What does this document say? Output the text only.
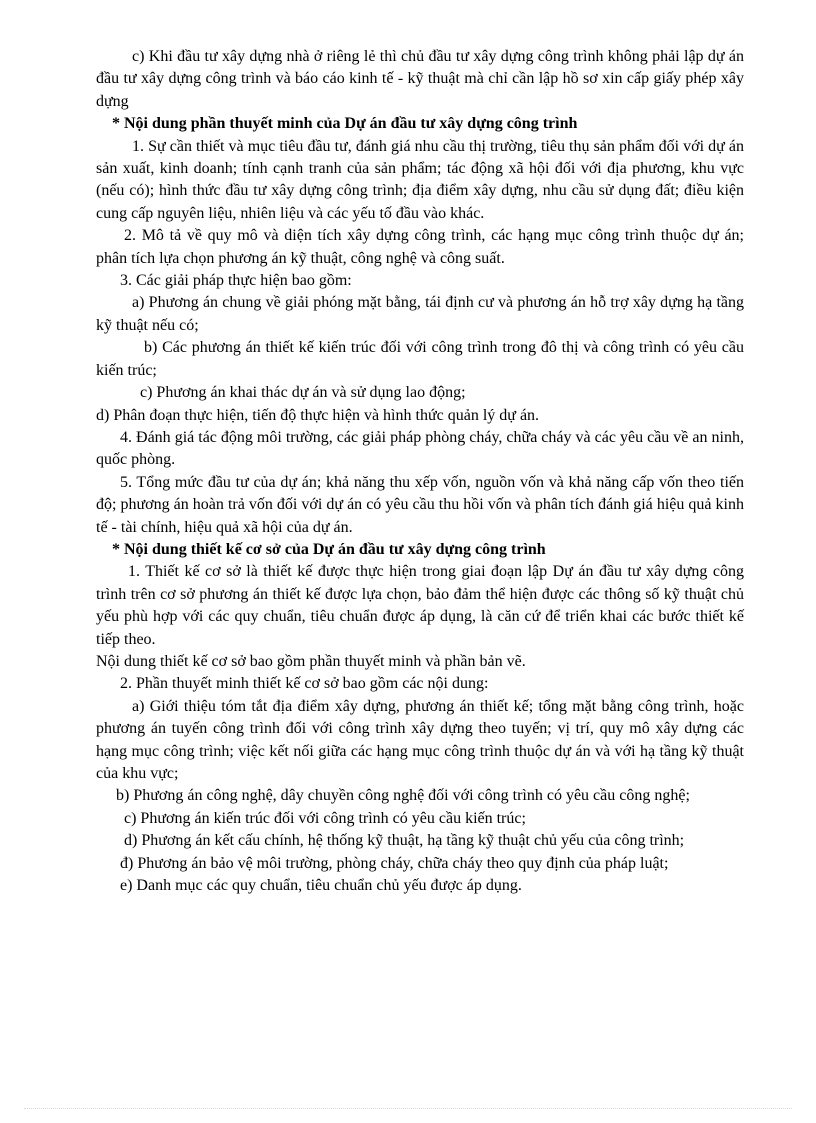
c) Khi đầu tư xây dựng nhà ở riêng lẻ thì chủ đầu tư xây dựng công trình không phải lập dự án đầu tư xây dựng công trình và báo cáo kinh tế - kỹ thuật mà chỉ cần lập hồ sơ xin cấp giấy phép xây dựng

* Nội dung phần thuyết minh của Dự án đầu tư xây dựng công trình

1. Sự cần thiết và mục tiêu đầu tư, đánh giá nhu cầu thị trường, tiêu thụ sản phẩm đối với dự án sản xuất, kinh doanh; tính cạnh tranh của sản phẩm; tác động xã hội đối với địa phương, khu vực (nếu có); hình thức đầu tư xây dựng công trình; địa điểm xây dựng, nhu cầu sử dụng đất; điều kiện cung cấp nguyên liệu, nhiên liệu và các yếu tố đầu vào khác.

2. Mô tả về quy mô và diện tích xây dựng công trình, các hạng mục công trình thuộc dự án; phân tích lựa chọn phương án kỹ thuật, công nghệ và công suất.

3. Các giải pháp thực hiện bao gồm:

a) Phương án chung về giải phóng mặt bằng, tái định cư và phương án hỗ trợ xây dựng hạ tầng kỹ thuật nếu có;

b) Các phương án thiết kế kiến trúc đối với công trình trong đô thị và công trình có yêu cầu kiến trúc;

c) Phương án khai thác dự án và sử dụng lao động;

d) Phân đoạn thực hiện, tiến độ thực hiện và hình thức quản lý dự án.

4. Đánh giá tác động môi trường, các giải pháp phòng cháy, chữa cháy và các yêu cầu về an ninh, quốc phòng.

5. Tổng mức đầu tư của dự án; khả năng thu xếp vốn, nguồn vốn và khả năng cấp vốn theo tiến độ; phương án hoàn trả vốn đối với dự án có yêu cầu thu hồi vốn và phân tích đánh giá hiệu quả kinh tế - tài chính, hiệu quả xã hội của dự án.

* Nội dung thiết kế cơ sở của Dự án đầu tư xây dựng công trình

1. Thiết kế cơ sở là thiết kế được thực hiện trong giai đoạn lập Dự án đầu tư xây dựng công trình trên cơ sở phương án thiết kế được lựa chọn, bảo đảm thể hiện được các thông số kỹ thuật chủ yếu phù hợp với các quy chuẩn, tiêu chuẩn được áp dụng, là căn cứ để triển khai các bước thiết kế tiếp theo.

Nội dung thiết kế cơ sở bao gồm phần thuyết minh và phần bản vẽ.

2. Phần thuyết minh thiết kế cơ sở bao gồm các nội dung:

a) Giới thiệu tóm tắt địa điểm xây dựng, phương án thiết kế; tổng mặt bằng công trình, hoặc phương án tuyến công trình đối với công trình xây dựng theo tuyến; vị trí, quy mô xây dựng các hạng mục công trình; việc kết nối giữa các hạng mục công trình thuộc dự án và với hạ tầng kỹ thuật của khu vực;

b) Phương án công nghệ, dây chuyền công nghệ đối với công trình có yêu cầu công nghệ;

c) Phương án kiến trúc đối với công trình có yêu cầu kiến trúc;

d) Phương án kết cấu chính, hệ thống kỹ thuật, hạ tầng kỹ thuật chủ yếu của công trình;

đ) Phương án bảo vệ môi trường, phòng cháy, chữa cháy theo quy định của pháp luật;

e) Danh mục các quy chuẩn, tiêu chuẩn chủ yếu được áp dụng.
